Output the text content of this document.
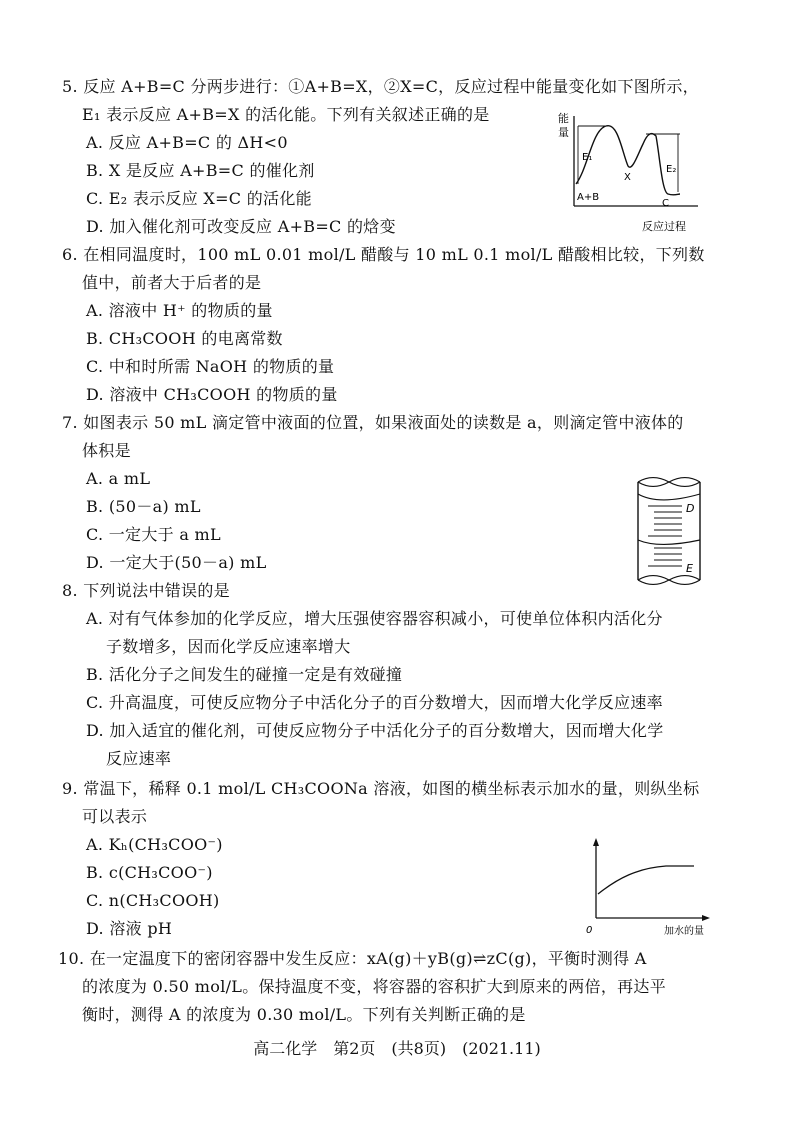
5. 反应 A+B=C 分两步进行：①A+B=X，②X=C，反应过程中能量变化如下图所示，
E₁ 表示反应 A+B=X 的活化能。下列有关叙述正确的是
A. 反应 A+B=C 的 ΔH<0
B. X 是反应 A+B=C 的催化剂
C. E₂ 表示反应 X=C 的活化能
D. 加入催化剂可改变反应 A+B=C 的焓变
能
量
E₁
E₂
X
A+B
C
反应过程
6. 在相同温度时，100 mL 0.01 mol/L 醋酸与 10 mL 0.1 mol/L 醋酸相比较，下列数
值中，前者大于后者的是
A. 溶液中 H⁺ 的物质的量
B. CH₃COOH 的电离常数
C. 中和时所需 NaOH 的物质的量
D. 溶液中 CH₃COOH 的物质的量
7. 如图表示 50 mL 滴定管中液面的位置，如果液面处的读数是 a，则滴定管中液体的
体积是
A. a mL
B. (50－a) mL
C. 一定大于 a mL
D. 一定大于(50－a) mL
D
E
8. 下列说法中错误的是
A. 对有气体参加的化学反应，增大压强使容器容积减小，可使单位体积内活化分
子数增多，因而化学反应速率增大
B. 活化分子之间发生的碰撞一定是有效碰撞
C. 升高温度，可使反应物分子中活化分子的百分数增大，因而增大化学反应速率
D. 加入适宜的催化剂，可使反应物分子中活化分子的百分数增大，因而增大化学
反应速率
9. 常温下，稀释 0.1 mol/L CH₃COONa 溶液，如图的横坐标表示加水的量，则纵坐标
可以表示
A. Kₕ(CH₃COO⁻)
B. c(CH₃COO⁻)
C. n(CH₃COOH)
D. 溶液 pH	0	加水的量
10. 在一定温度下的密闭容器中发生反应：xA(g)＋yB(g)⇌zC(g)，平衡时测得 A
的浓度为 0.50 mol/L。保持温度不变，将容器的容积扩大到原来的两倍，再达平
衡时，测得 A 的浓度为 0.30 mol/L。下列有关判断正确的是
高二化学　第2页　(共8页)　(2021.11)
